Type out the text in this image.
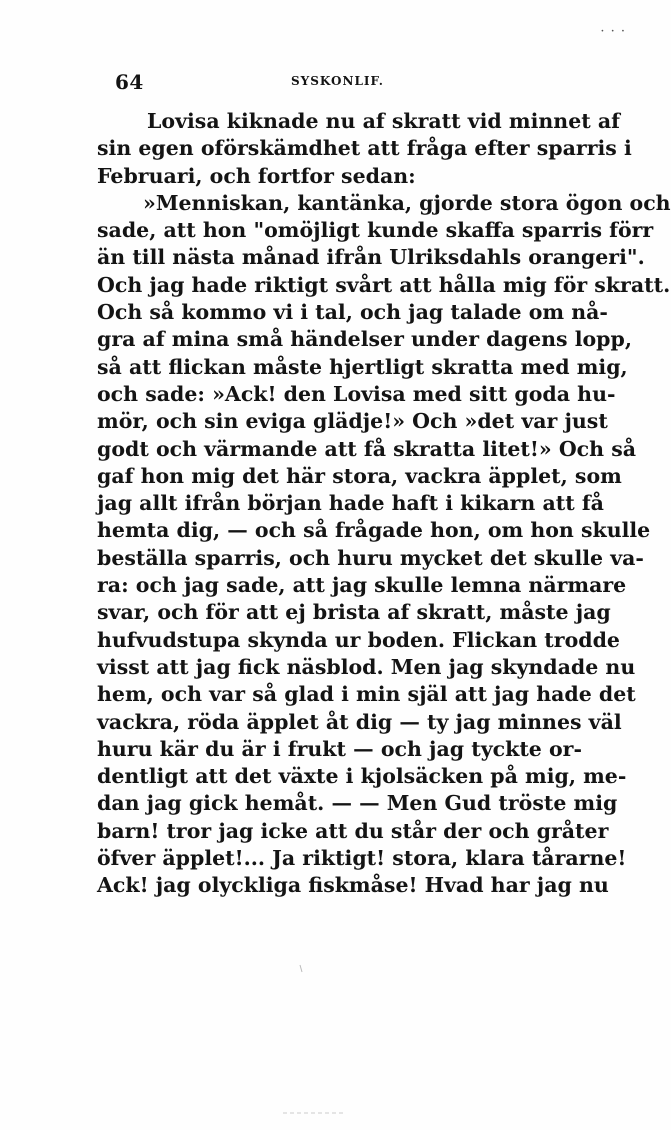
· · ·
64	SYSKONLIF.
Lovisa kiknade nu af skratt vid minnet af
sin egen oförskämdhet att fråga efter sparris i
Februari, och fortfor sedan:
»Menniskan, kantänka, gjorde stora ögon och
sade, att hon "omöjligt kunde skaffa sparris förr
än till nästa månad ifrån Ulriksdahls orangeri".
Och jag hade riktigt svårt att hålla mig för skratt.
Och så kommo vi i tal, och jag talade om nå-
gra af mina små händelser under dagens lopp,
så att flickan måste hjertligt skratta med mig,
och sade: »Ack! den Lovisa med sitt goda hu-
mör, och sin eviga glädje!» Och »det var just
godt och värmande att få skratta litet!» Och så
gaf hon mig det här stora, vackra äpplet, som
jag allt ifrån början hade haft i kikarn att få
hemta dig, — och så frågade hon, om hon skulle
beställa sparris, och huru mycket det skulle va-
ra: och jag sade, att jag skulle lemna närmare
svar, och för att ej brista af skratt, måste jag
hufvudstupa skynda ur boden. Flickan trodde
visst att jag fick näsblod. Men jag skyndade nu
hem, och var så glad i min själ att jag hade det
vackra, röda äpplet åt dig — ty jag minnes väl
huru kär du är i frukt — och jag tyckte or-
dentligt att det växte i kjolsäcken på mig, me-
dan jag gick hemåt. — — Men Gud tröste mig
barn! tror jag icke att du står der och gråter
öfver äpplet!... Ja riktigt! stora, klara tårarne!
Ack! jag olyckliga fiskmåse! Hvad har jag nu
